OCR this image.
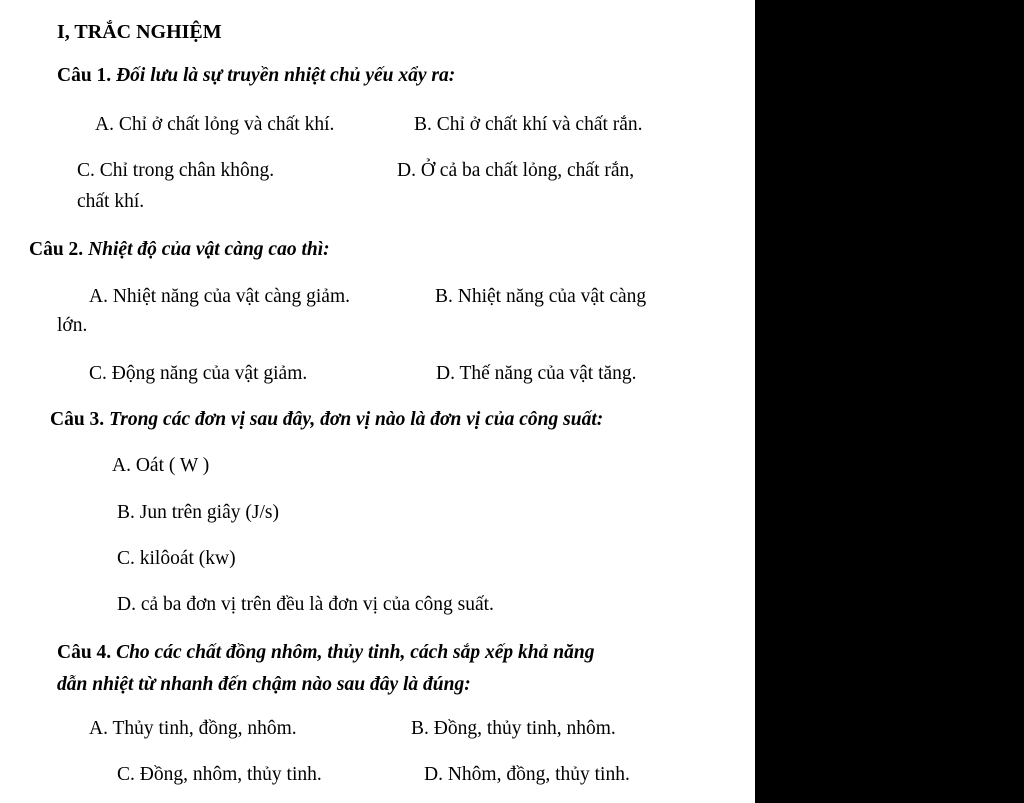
I, TRẮC NGHIỆM
Câu 1. Đối lưu là sự truyền nhiệt chủ yếu xẩy ra:
A. Chỉ ở chất lỏng và chất khí.	B. Chỉ ở chất khí và chất rắn.
C. Chỉ trong chân không.	D. Ở cả ba chất lỏng, chất rắn,
chất khí.
Câu 2. Nhiệt độ của vật càng cao thì:
A. Nhiệt năng của vật càng giảm.	B. Nhiệt năng của vật càng
lớn.
C. Động năng của vật giảm.	D. Thế năng của vật tăng.
Câu 3. Trong các đơn vị sau đây, đơn vị nào là đơn vị của công suất:
A. Oát ( W )
B. Jun trên giây (J/s)
C. kilôoát (kw)
D. cả ba đơn vị trên đều là đơn vị của công suất.
Câu 4. Cho các chất đồng nhôm, thủy tinh, cách sắp xếp khả năng
dẫn nhiệt từ nhanh đến chậm nào sau đây là đúng:
A. Thủy tinh, đồng, nhôm.	B. Đồng, thủy tinh, nhôm.
C. Đồng, nhôm, thủy tinh.	D. Nhôm, đồng, thủy tinh.
